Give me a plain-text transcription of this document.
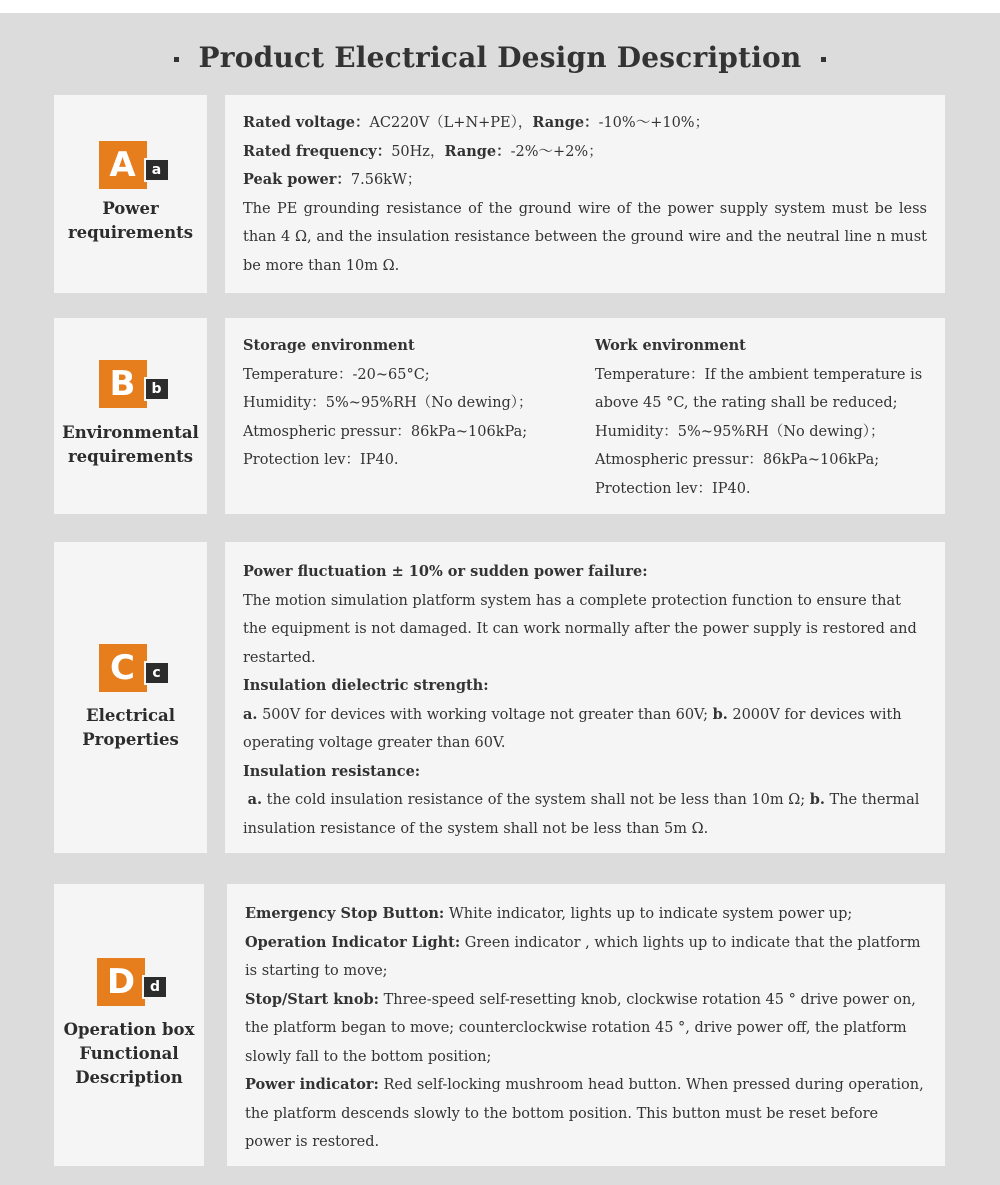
Product Electrical Design Description
A	a
Power
requirements
Rated voltage：AC220V（L+N+PE），Range：-10%～+10%；
Rated frequency：50Hz，Range：-2%～+2%；
Peak power：7.56kW；
The PE grounding resistance of the ground wire of the power supply system must be less than 4 Ω, and the insulation resistance between the ground wire and the neutral line n must be more than 10m Ω.
B	b
Environmental
requirements
Storage environment
Temperature：-20~65°C;
Humidity：5%~95%RH（No dewing）；
Atmospheric pressur：86kPa~106kPa;
Protection lev：IP40.
Work environment
Temperature：If the ambient temperature is above 45 °C, the rating shall be reduced;
Humidity：5%~95%RH（No dewing）；
Atmospheric pressur：86kPa~106kPa;
Protection lev：IP40.
C	c
Electrical
Properties
Power fluctuation ± 10% or sudden power failure:
The motion simulation platform system has a complete protection function to ensure that the equipment is not damaged. It can work normally after the power supply is restored and restarted.
Insulation dielectric strength:
a. 500V for devices with working voltage not greater than 60V; b. 2000V for devices with operating voltage greater than 60V.
Insulation resistance:
a. the cold insulation resistance of the system shall not be less than 10m Ω; b. The thermal insulation resistance of the system shall not be less than 5m Ω.
D	d
Operation box
Functional
Description
Emergency Stop Button: White indicator, lights up to indicate system power up;
Operation Indicator Light: Green indicator , which lights up to indicate that the platform is starting to move;
Stop/Start knob: Three-speed self-resetting knob, clockwise rotation 45 ° drive power on, the platform began to move; counterclockwise rotation 45 °, drive power off, the platform slowly fall to the bottom position;
Power indicator: Red self-locking mushroom head button. When pressed during operation, the platform descends slowly to the bottom position. This button must be reset before power is restored.
